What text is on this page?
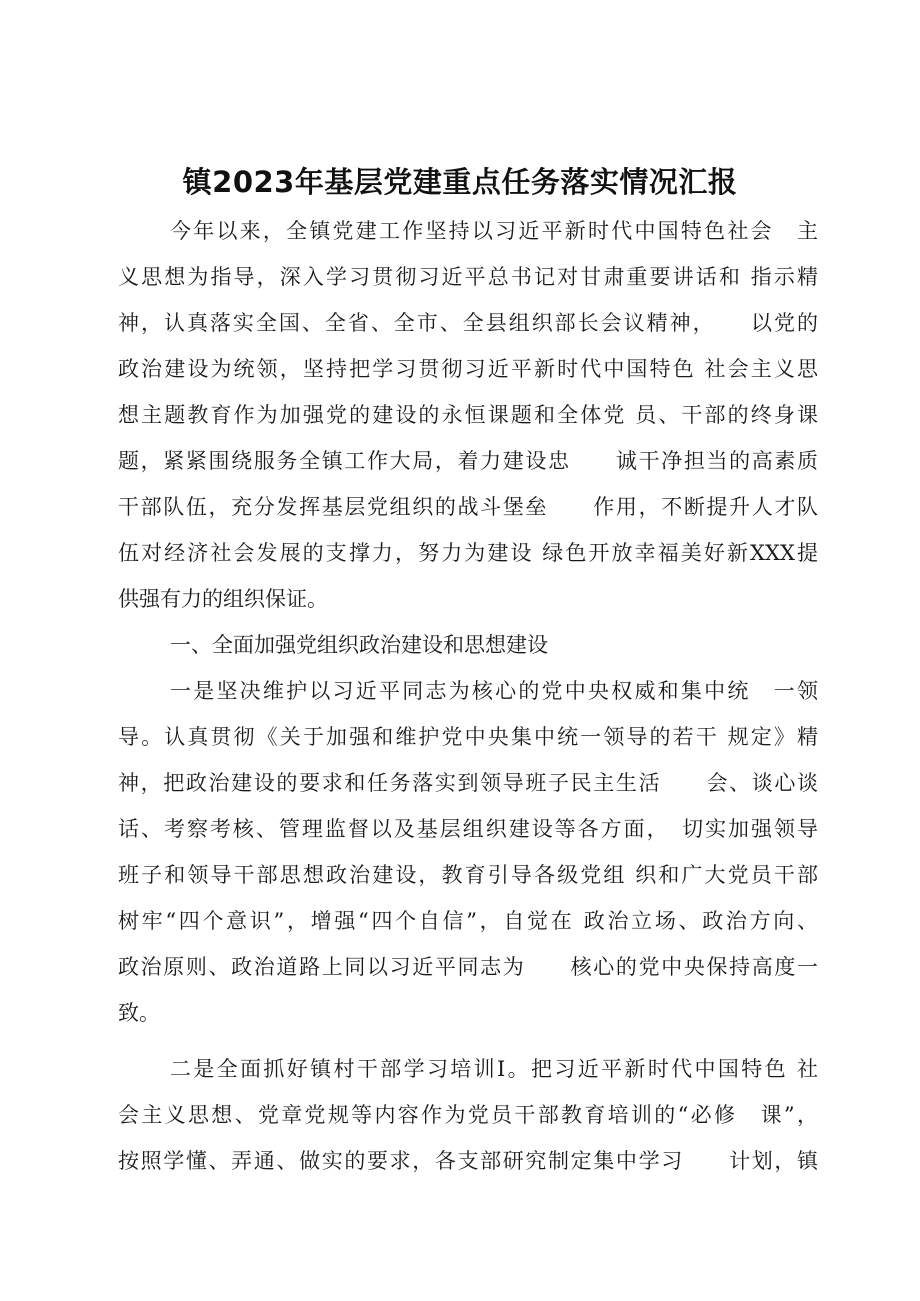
镇2023年基层党建重点任务落实情况汇报
今年以来，全镇党建工作坚持以习近平新时代中国特色社会　主
义思想为指导，深入学习贯彻习近平总书记对甘肃重要讲话和 指示精
神，认真落实全国、全省、全市、全县组织部长会议精神，　　以党的
政治建设为统领，坚持把学习贯彻习近平新时代中国特色 社会主义思
想主题教育作为加强党的建设的永恒课题和全体党 员、干部的终身课
题，紧紧围绕服务全镇工作大局，着力建设忠　　诚干净担当的高素质
干部队伍，充分发挥基层党组织的战斗堡垒　　作用，不断提升人才队
伍对经济社会发展的支撑力，努力为建设 绿色开放幸福美好新XXX提
供强有力的组织保证。
一、全面加强党组织政治建设和思想建设
一是坚决维护以习近平同志为核心的党中央权威和集中统　一领
导。认真贯彻《关于加强和维护党中央集中统一领导的若干 规定》精
神，把政治建设的要求和任务落实到领导班子民主生活　　会、谈心谈
话、考察考核、管理监督以及基层组织建设等各方面，　切实加强领导
班子和领导干部思想政治建设，教育引导各级党组 织和广大党员干部
树牢“四个意识”，增强“四个自信”，自觉在 政治立场、政治方向、
政治原则、政治道路上同以习近平同志为　　核心的党中央保持高度一
致。
二是全面抓好镇村干部学习培训I。把习近平新时代中国特色 社
会主义思想、党章党规等内容作为党员干部教育培训的“必修　课”，
按照学懂、弄通、做实的要求，各支部研究制定集中学习　　计划，镇
